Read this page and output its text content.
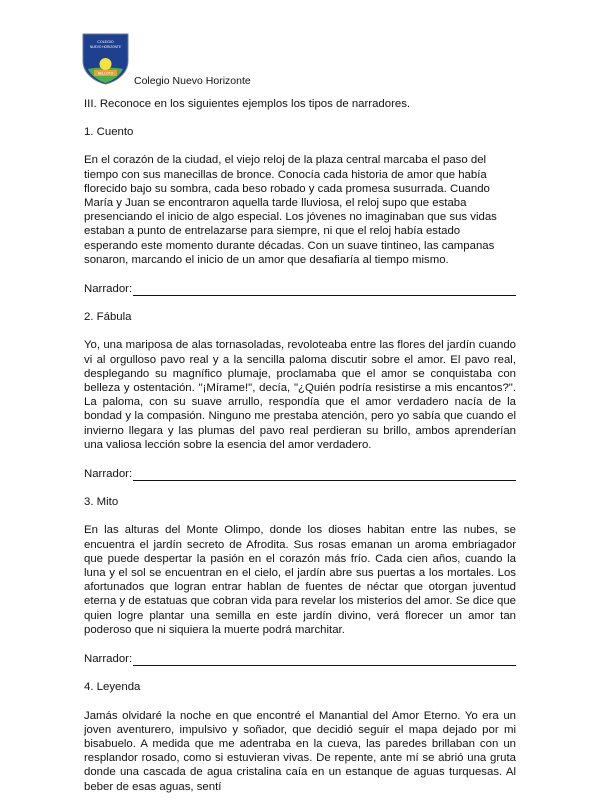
COLEGIO
NUEVO HORIZONTE
BELLOTO
Colegio Nuevo Horizonte

III. Reconoce en los siguientes ejemplos los tipos de narradores.

1. Cuento

En el corazón de la ciudad, el viejo reloj de la plaza central marcaba el paso del tiempo con sus manecillas de bronce. Conocía cada historia de amor que había florecido bajo su sombra, cada beso robado y cada promesa susurrada. Cuando María y Juan se encontraron aquella tarde lluviosa, el reloj supo que estaba presenciando el inicio de algo especial. Los jóvenes no imaginaban que sus vidas estaban a punto de entrelazarse para siempre, ni que el reloj había estado esperando este momento durante décadas. Con un suave tintineo, las campanas sonaron, marcando el inicio de un amor que desafiaría al tiempo mismo.

Narrador:

2. Fábula

Yo, una mariposa de alas tornasoladas, revoloteaba entre las flores del jardín cuando vi al orgulloso pavo real y a la sencilla paloma discutir sobre el amor. El pavo real, desplegando su magnífico plumaje, proclamaba que el amor se conquistaba con belleza y ostentación. "¡Mírame!", decía, "¿Quién podría resistirse a mis encantos?". La paloma, con su suave arrullo, respondía que el amor verdadero nacía de la bondad y la compasión. Ninguno me prestaba atención, pero yo sabía que cuando el invierno llegara y las plumas del pavo real perdieran su brillo, ambos aprenderían una valiosa lección sobre la esencia del amor verdadero.

Narrador:

3. Mito

En las alturas del Monte Olimpo, donde los dioses habitan entre las nubes, se encuentra el jardín secreto de Afrodita. Sus rosas emanan un aroma embriagador que puede despertar la pasión en el corazón más frío. Cada cien años, cuando la luna y el sol se encuentran en el cielo, el jardín abre sus puertas a los mortales. Los afortunados que logran entrar hablan de fuentes de néctar que otorgan juventud eterna y de estatuas que cobran vida para revelar los misterios del amor. Se dice que quien logre plantar una semilla en este jardín divino, verá florecer un amor tan poderoso que ni siquiera la muerte podrá marchitar.

Narrador:

4. Leyenda

Jamás olvidaré la noche en que encontré el Manantial del Amor Eterno. Yo era un joven aventurero, impulsivo y soñador, que decidió seguir el mapa dejado por mi bisabuelo. A medida que me adentraba en la cueva, las paredes brillaban con un resplandor rosado, como si estuvieran vivas. De repente, ante mí se abrió una gruta donde una cascada de agua cristalina caía en un estanque de aguas turquesas. Al beber de esas aguas, sentí
